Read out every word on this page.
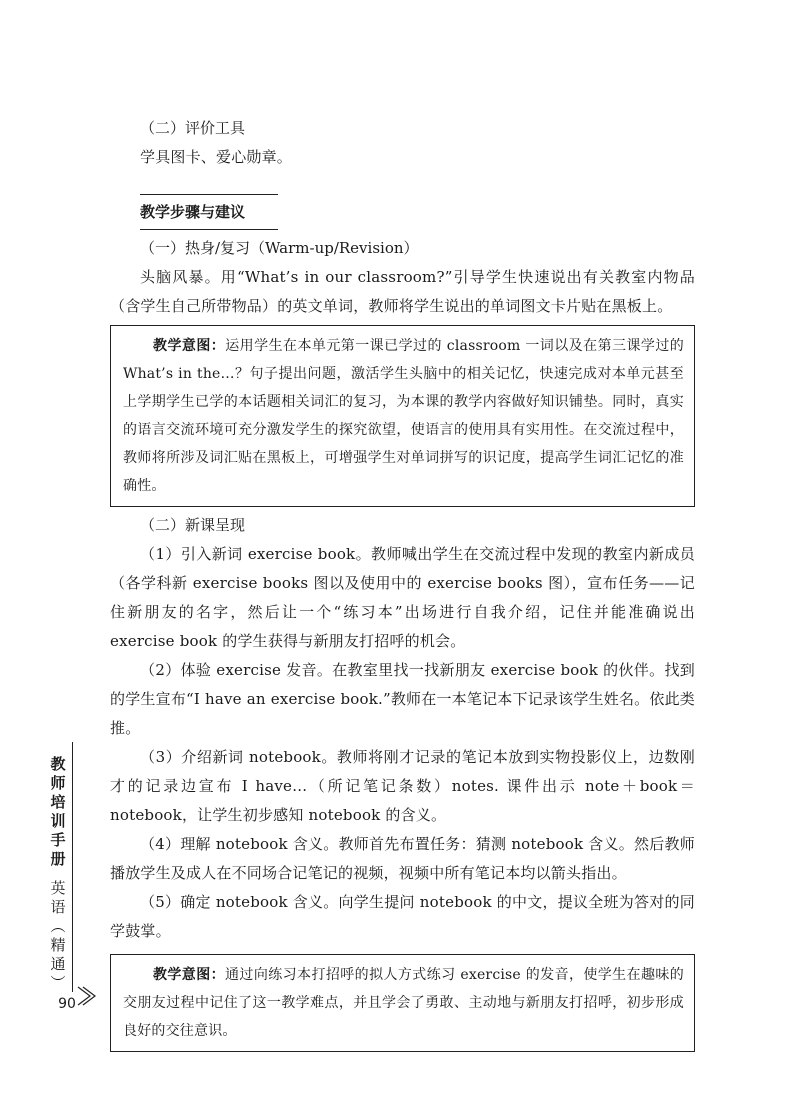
（二）评价工具

学具图卡、爱心勋章。

教学步骤与建议

（一）热身/复习（Warm-up/Revision）

头脑风暴。用“What’s in our classroom?”引导学生快速说出有关教室内物品（含学生自己所带物品）的英文单词，教师将学生说出的单词图文卡片贴在黑板上。

教学意图：运用学生在本单元第一课已学过的 classroom 一词以及在第三课学过的 What’s in the…？句子提出问题，激活学生头脑中的相关记忆，快速完成对本单元甚至上学期学生已学的本话题相关词汇的复习，为本课的教学内容做好知识铺垫。同时，真实的语言交流环境可充分激发学生的探究欲望，使语言的使用具有实用性。在交流过程中，教师将所涉及词汇贴在黑板上，可增强学生对单词拼写的识记度，提高学生词汇记忆的准确性。

（二）新课呈现

（1）引入新词 exercise book。教师喊出学生在交流过程中发现的教室内新成员（各学科新 exercise books 图以及使用中的 exercise books 图），宣布任务——记住新朋友的名字，然后让一个“练习本”出场进行自我介绍，记住并能准确说出 exercise book 的学生获得与新朋友打招呼的机会。

（2）体验 exercise 发音。在教室里找一找新朋友 exercise book 的伙伴。找到的学生宣布“I have an exercise book.”教师在一本笔记本下记录该学生姓名。依此类推。

（3）介绍新词 notebook。教师将刚才记录的笔记本放到实物投影仪上，边数刚才的记录边宣布 I have…（所记笔记条数）notes. 课件出示 note＋book＝notebook，让学生初步感知 notebook 的含义。

（4）理解 notebook 含义。教师首先布置任务：猜测 notebook 含义。然后教师播放学生及成人在不同场合记笔记的视频，视频中所有笔记本均以箭头指出。

（5）确定 notebook 含义。向学生提问 notebook 的中文，提议全班为答对的同学鼓掌。

教学意图：通过向练习本打招呼的拟人方式练习 exercise 的发音，使学生在趣味的交朋友过程中记住了这一教学难点，并且学会了勇敢、主动地与新朋友打招呼，初步形成良好的交往意识。

教
师
培
训
手
册
英
语
︵
精
通
︶
90
